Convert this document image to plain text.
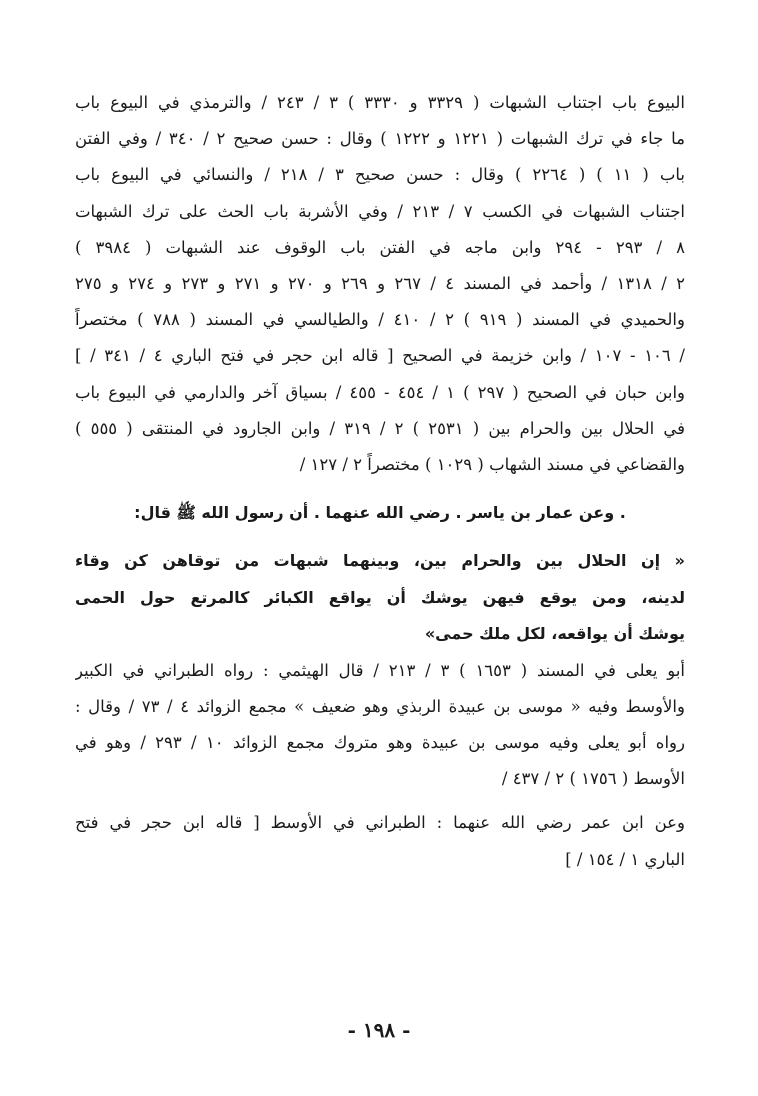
البيوع باب اجتناب الشبهات ( ٣٣٢٩ و ٣٣٣٠ ) ٣ / ٢٤٣ / والترمذي في البيوع باب
ما جاء في ترك الشبهات ( ١٢٢١ و ١٢٢٢ ) وقال : حسن صحيح ٢ / ٣٤٠ / وفي الفتن
باب ( ١١ ) ( ٢٢٦٤ ) وقال : حسن صحيح ٣ / ٢١٨ / والنسائي في البيوع باب
اجتناب الشبهات في الكسب ٧ / ٢١٣ / وفي الأشربة باب الحث على ترك الشبهات
٨ / ٢٩٣ - ٢٩٤ وابن ماجه في الفتن باب الوقوف عند الشبهات ( ٣٩٨٤ )
٢ / ١٣١٨ / وأحمد في المسند ٤ / ٢٦٧ و ٢٦٩ و ٢٧٠ و ٢٧١ و ٢٧٣ و ٢٧٤ و ٢٧٥
والحميدي في المسند ( ٩١٩ ) ٢ / ٤١٠ / والطيالسي في المسند ( ٧٨٨ ) مختصراً
/ ١٠٦ - ١٠٧ / وابن خزيمة في الصحيح [ قاله ابن حجر في فتح الباري ٤ / ٣٤١ / ]
وابن حبان في الصحيح ( ٢٩٧ ) ١ / ٤٥٤ - ٤٥٥ / بسياق آخر والدارمي في البيوع باب
في الحلال بين والحرام بين ( ٢٥٣١ ) ٢ / ٣١٩ / وابن الجارود في المنتقى ( ٥٥٥ )
والقضاعي في مسند الشهاب ( ١٠٢٩ ) مختصراً ٢ / ١٢٧ /
. وعن عمار بن ياسر . رضي الله عنهما . أن رسول الله ﷺ قال:
« إن الحلال بين والحرام بين، وبينهما شبهات من توقاهن كن وقاء
لدينه، ومن يوقع فيهن يوشك أن يواقع الكبائر كالمرتع حول الحمى
يوشك أن يواقعه، لكل ملك حمى»
أبو يعلى في المسند ( ١٦٥٣ ) ٣ / ٢١٣ / قال الهيثمي : رواه الطبراني في الكبير
والأوسط وفيه « موسى بن عبيدة الربذي وهو ضعيف » مجمع الزوائد ٤ / ٧٣ / وقال :
رواه أبو يعلى وفيه موسى بن عبيدة وهو متروك مجمع الزوائد ١٠ / ٢٩٣ / وهو في
الأوسط ( ١٧٥٦ ) ٢ / ٤٣٧ /
وعن ابن عمر رضي الله عنهما : الطبراني في الأوسط [ قاله ابن حجر في فتح
الباري ١ / ١٥٤ / ]
- ١٩٨ -
